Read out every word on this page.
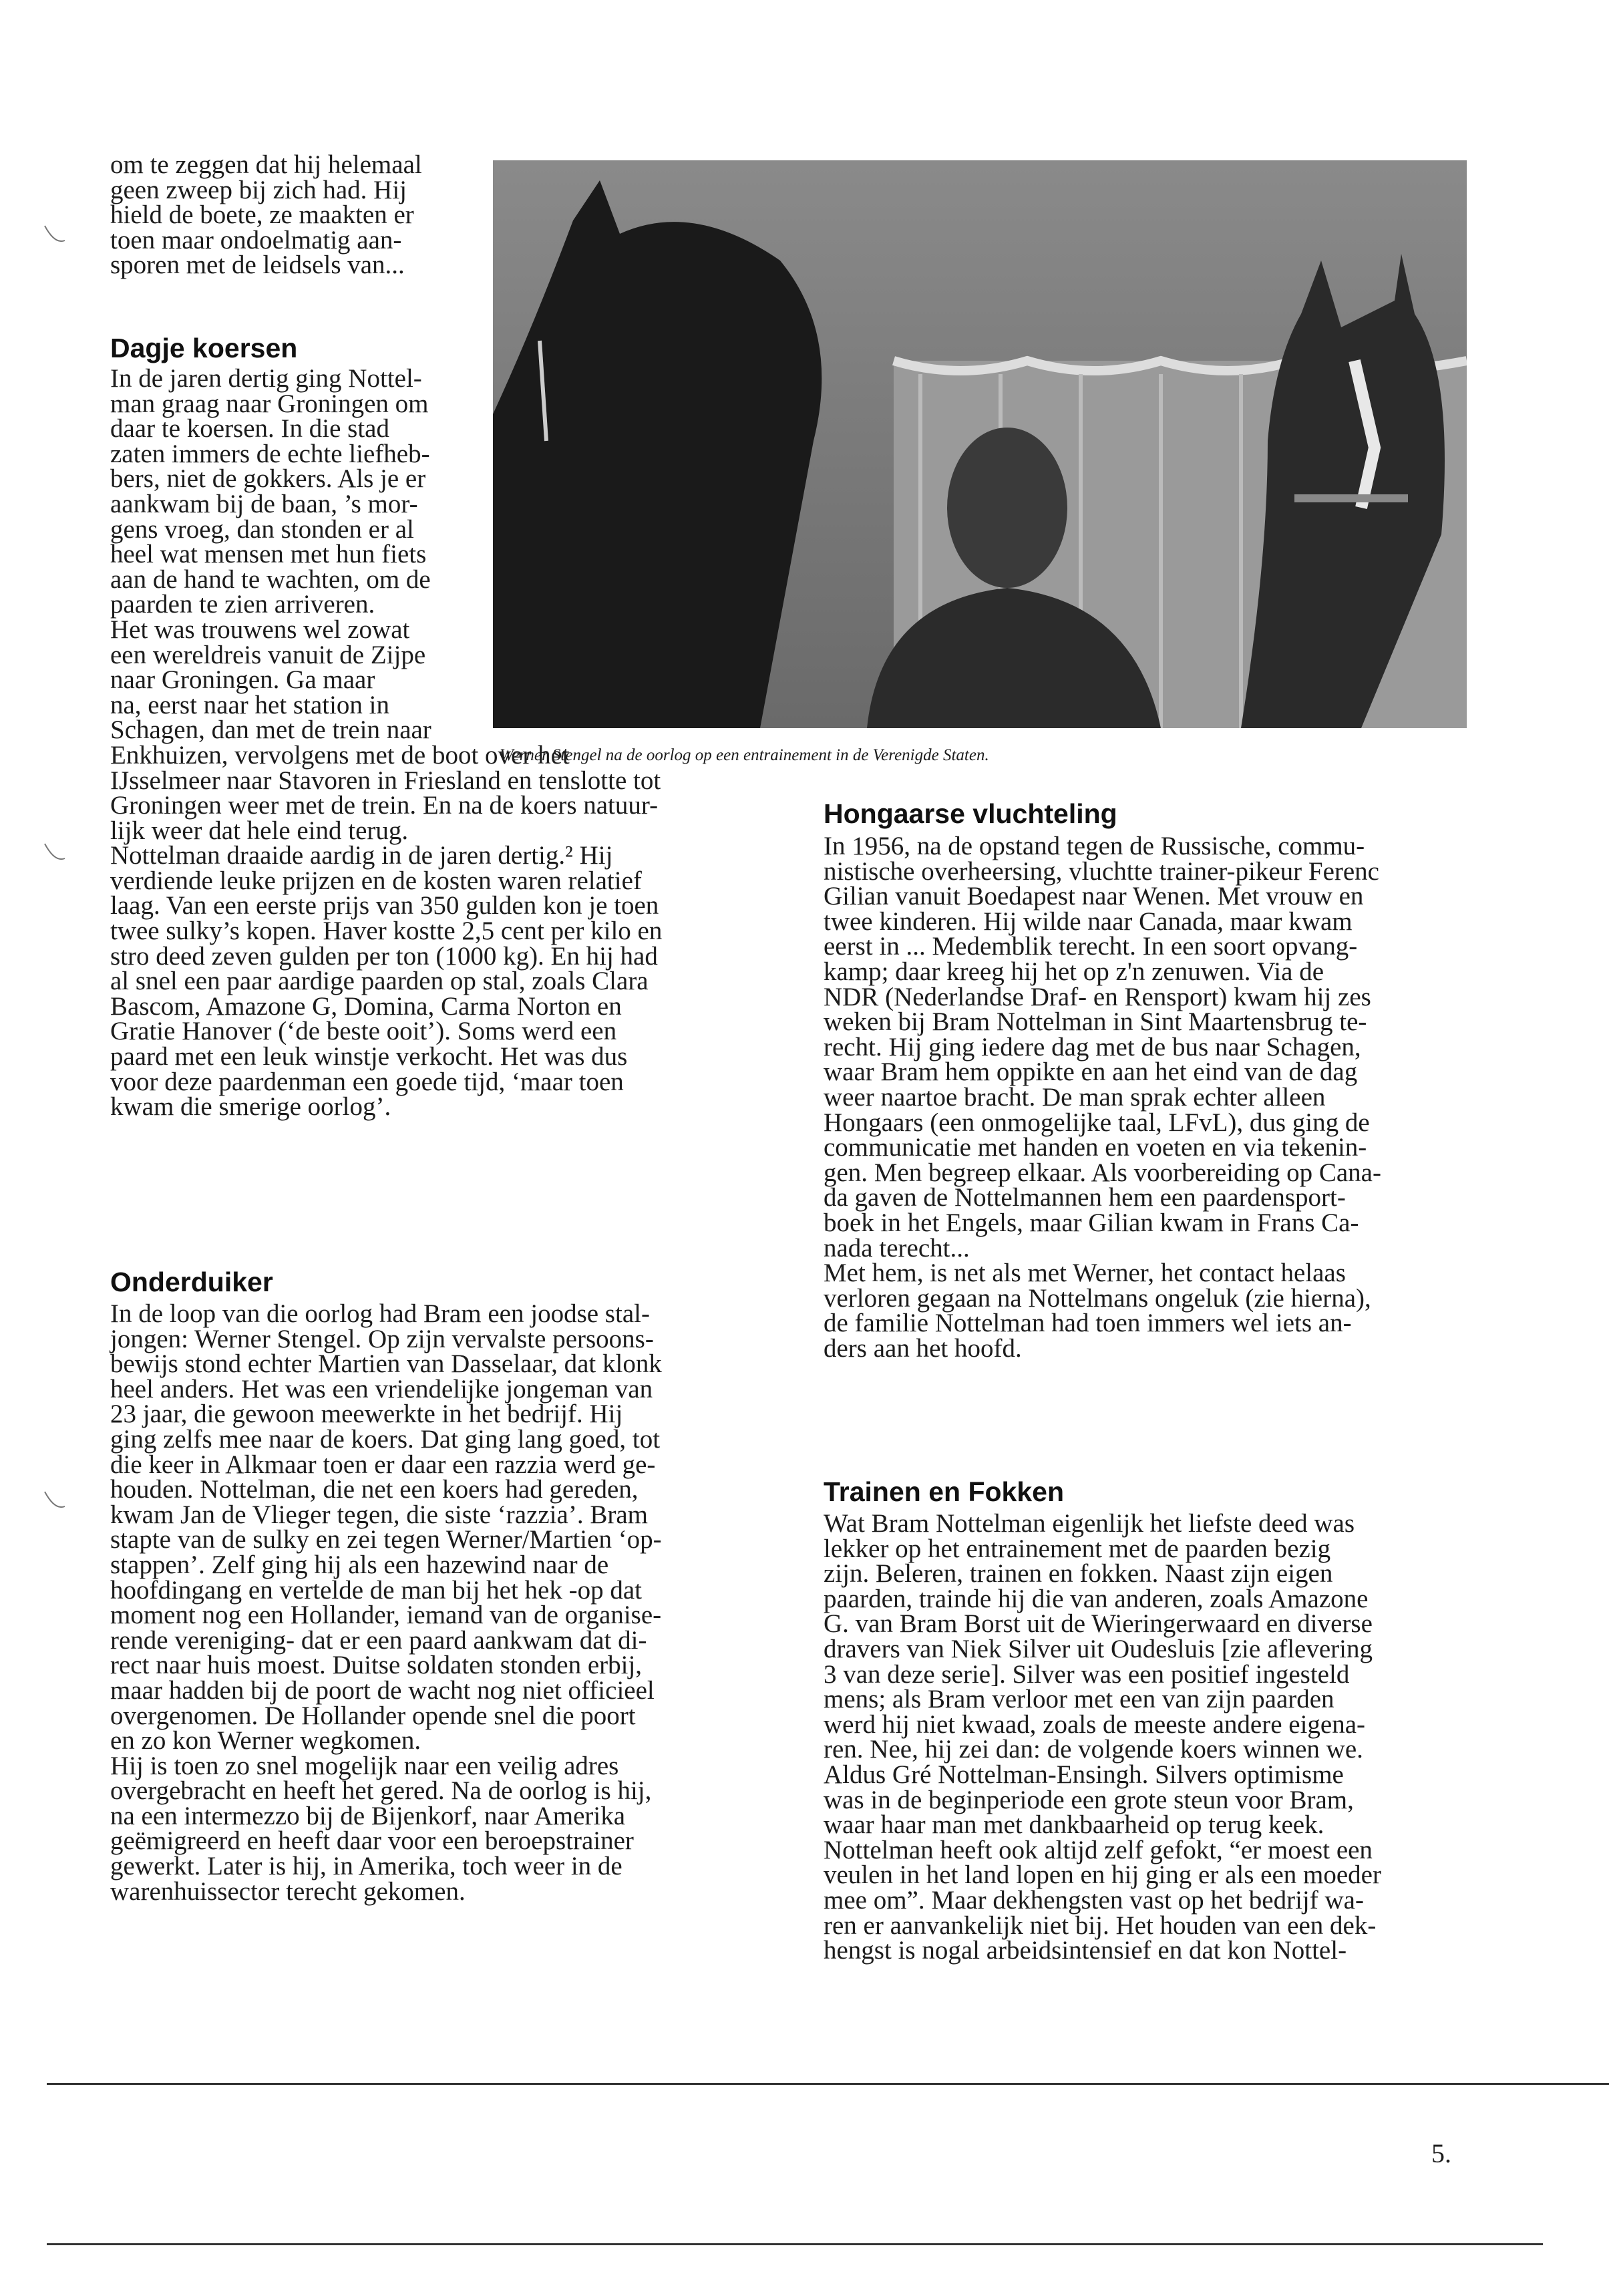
Werner Stengel na de oorlog op een entrainement in de Verenigde Staten.
om te zeggen dat hij helemaal
geen zweep bij zich had. Hij
hield de boete, ze maakten er
toen maar ondoelmatig aan-
sporen met de leidsels van...
Dagje koersen
In de jaren dertig ging Nottel-
man graag naar Groningen om
daar te koersen. In die stad
zaten immers de echte liefheb-
bers, niet de gokkers. Als je er
aankwam bij de baan, ’s mor-
gens vroeg, dan stonden er al
heel wat mensen met hun fiets
aan de hand te wachten, om de
paarden te zien arriveren.
Het was trouwens wel zowat
een wereldreis vanuit de Zijpe
naar Groningen. Ga maar
na, eerst naar het station in
Schagen, dan met de trein naar
Enkhuizen, vervolgens met de boot over het
IJsselmeer naar Stavoren in Friesland en tenslotte tot
Groningen weer met de trein. En na de koers natuur-
lijk weer dat hele eind terug.
Nottelman draaide aardig in de jaren dertig.² Hij
verdiende leuke prijzen en de kosten waren relatief
laag. Van een eerste prijs van 350 gulden kon je toen
twee sulky’s kopen. Haver kostte 2,5 cent per kilo en
stro deed zeven gulden per ton (1000 kg). En hij had
al snel een paar aardige paarden op stal, zoals Clara
Bascom, Amazone G, Domina, Carma Norton en
Gratie Hanover (‘de beste ooit’). Soms werd een
paard met een leuk winstje verkocht. Het was dus
voor deze paardenman een goede tijd, ‘maar toen
kwam die smerige oorlog’.
Onderduiker
In de loop van die oorlog had Bram een joodse stal-
jongen: Werner Stengel. Op zijn vervalste persoons-
bewijs stond echter Martien van Dasselaar, dat klonk
heel anders. Het was een vriendelijke jongeman van
23 jaar, die gewoon meewerkte in het bedrijf. Hij
ging zelfs mee naar de koers. Dat ging lang goed, tot
die keer in Alkmaar toen er daar een razzia werd ge-
houden. Nottelman, die net een koers had gereden,
kwam Jan de Vlieger tegen, die siste ‘razzia’. Bram
stapte van de sulky en zei tegen Werner/Martien ‘op-
stappen’. Zelf ging hij als een hazewind naar de
hoofdingang en vertelde de man bij het hek -op dat
moment nog een Hollander, iemand van de organise-
rende vereniging- dat er een paard aankwam dat di-
rect naar huis moest. Duitse soldaten stonden erbij,
maar hadden bij de poort de wacht nog niet officieel
overgenomen. De Hollander opende snel die poort
en zo kon Werner wegkomen.
Hij is toen zo snel mogelijk naar een veilig adres
overgebracht en heeft het gered. Na de oorlog is hij,
na een intermezzo bij de Bijenkorf, naar Amerika
geëmigreerd en heeft daar voor een beroepstrainer
gewerkt. Later is hij, in Amerika, toch weer in de
warenhuissector terecht gekomen.
Hongaarse vluchteling
In 1956, na de opstand tegen de Russische, commu-
nistische overheersing, vluchtte trainer-pikeur Ferenc
Gilian vanuit Boedapest naar Wenen. Met vrouw en
twee kinderen. Hij wilde naar Canada, maar kwam
eerst in ... Medemblik terecht. In een soort opvang-
kamp; daar kreeg hij het op z'n zenuwen. Via de
NDR (Nederlandse Draf- en Rensport) kwam hij zes
weken bij Bram Nottelman in Sint Maartensbrug te-
recht. Hij ging iedere dag met de bus naar Schagen,
waar Bram hem oppikte en aan het eind van de dag
weer naartoe bracht. De man sprak echter alleen
Hongaars (een onmogelijke taal, LFvL), dus ging de
communicatie met handen en voeten en via tekenin-
gen. Men begreep elkaar. Als voorbereiding op Cana-
da gaven de Nottelmannen hem een paardensport-
boek in het Engels, maar Gilian kwam in Frans Ca-
nada terecht...
Met hem, is net als met Werner, het contact helaas
verloren gegaan na Nottelmans ongeluk (zie hierna),
de familie Nottelman had toen immers wel iets an-
ders aan het hoofd.
Trainen en Fokken
Wat Bram Nottelman eigenlijk het liefste deed was
lekker op het entrainement met de paarden bezig
zijn. Beleren, trainen en fokken. Naast zijn eigen
paarden, trainde hij die van anderen, zoals Amazone
G. van Bram Borst uit de Wieringerwaard en diverse
dravers van Niek Silver uit Oudesluis [zie aflevering
3 van deze serie]. Silver was een positief ingesteld
mens; als Bram verloor met een van zijn paarden
werd hij niet kwaad, zoals de meeste andere eigena-
ren. Nee, hij zei dan: de volgende koers winnen we.
Aldus Gré Nottelman-Ensingh. Silvers optimisme
was in de beginperiode een grote steun voor Bram,
waar haar man met dankbaarheid op terug keek.
Nottelman heeft ook altijd zelf gefokt, “er moest een
veulen in het land lopen en hij ging er als een moeder
mee om”. Maar dekhengsten vast op het bedrijf wa-
ren er aanvankelijk niet bij. Het houden van een dek-
hengst is nogal arbeidsintensief en dat kon Nottel-
5.
